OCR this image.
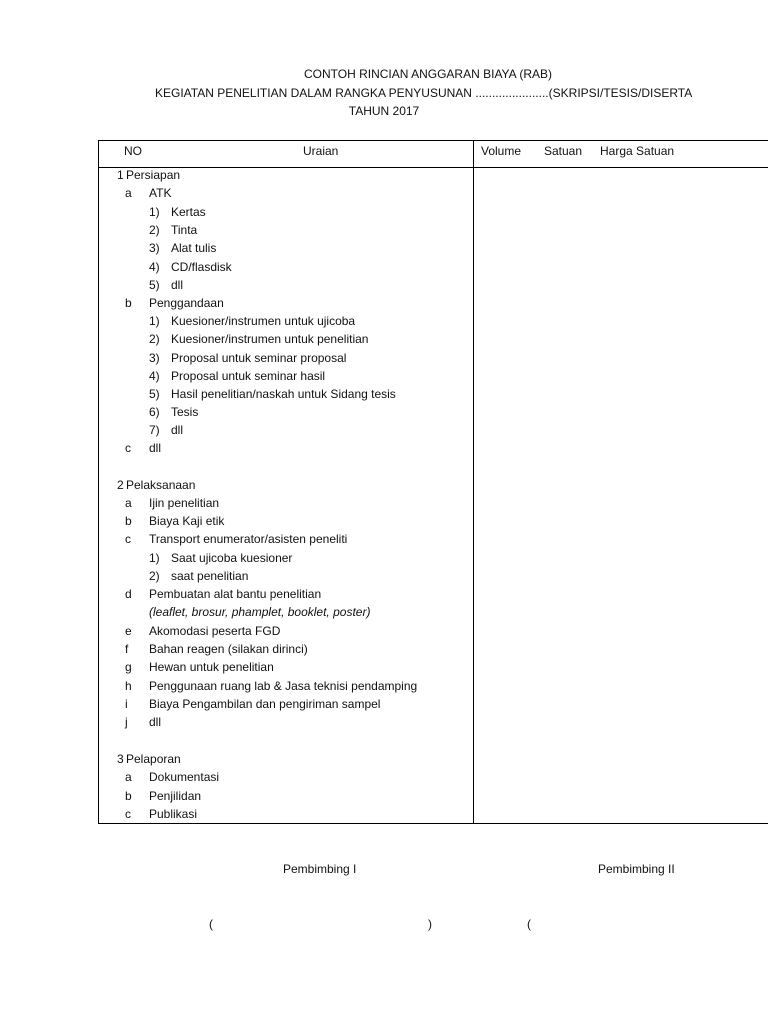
CONTOH RINCIAN ANGGARAN BIAYA (RAB)
KEGIATAN PENELITIAN DALAM RANGKA PENYUSUNAN ......................(SKRIPSI/TESIS/DISERTA
TAHUN 2017
NO	Uraian	Volume Satuan Harga Satuan
1 Persiapan
a ATK
1) Kertas
2) Tinta
3) Alat tulis
4) CD/flasdisk
5) dll
b Penggandaan
1) Kuesioner/instrumen untuk ujicoba
2) Kuesioner/instrumen untuk penelitian
3) Proposal untuk seminar proposal
4) Proposal untuk seminar hasil
5) Hasil penelitian/naskah untuk Sidang tesis
6) Tesis
7) dll
c dll
2 Pelaksanaan
a Ijin penelitian
b Biaya Kaji etik
c Transport enumerator/asisten peneliti
1) Saat ujicoba kuesioner
2) saat penelitian
d Pembuatan alat bantu penelitian
(leaflet, brosur, phamplet, booklet, poster)
e Akomodasi peserta FGD
f Bahan reagen (silakan dirinci)
g Hewan untuk penelitian
h Penggunaan ruang lab & Jasa teknisi pendamping
i Biaya Pengambilan dan pengiriman sampel
j dll
3 Pelaporan
a Dokumentasi
b Penjilidan
c Publikasi
Pembimbing I	Pembimbing II
(	)	(
